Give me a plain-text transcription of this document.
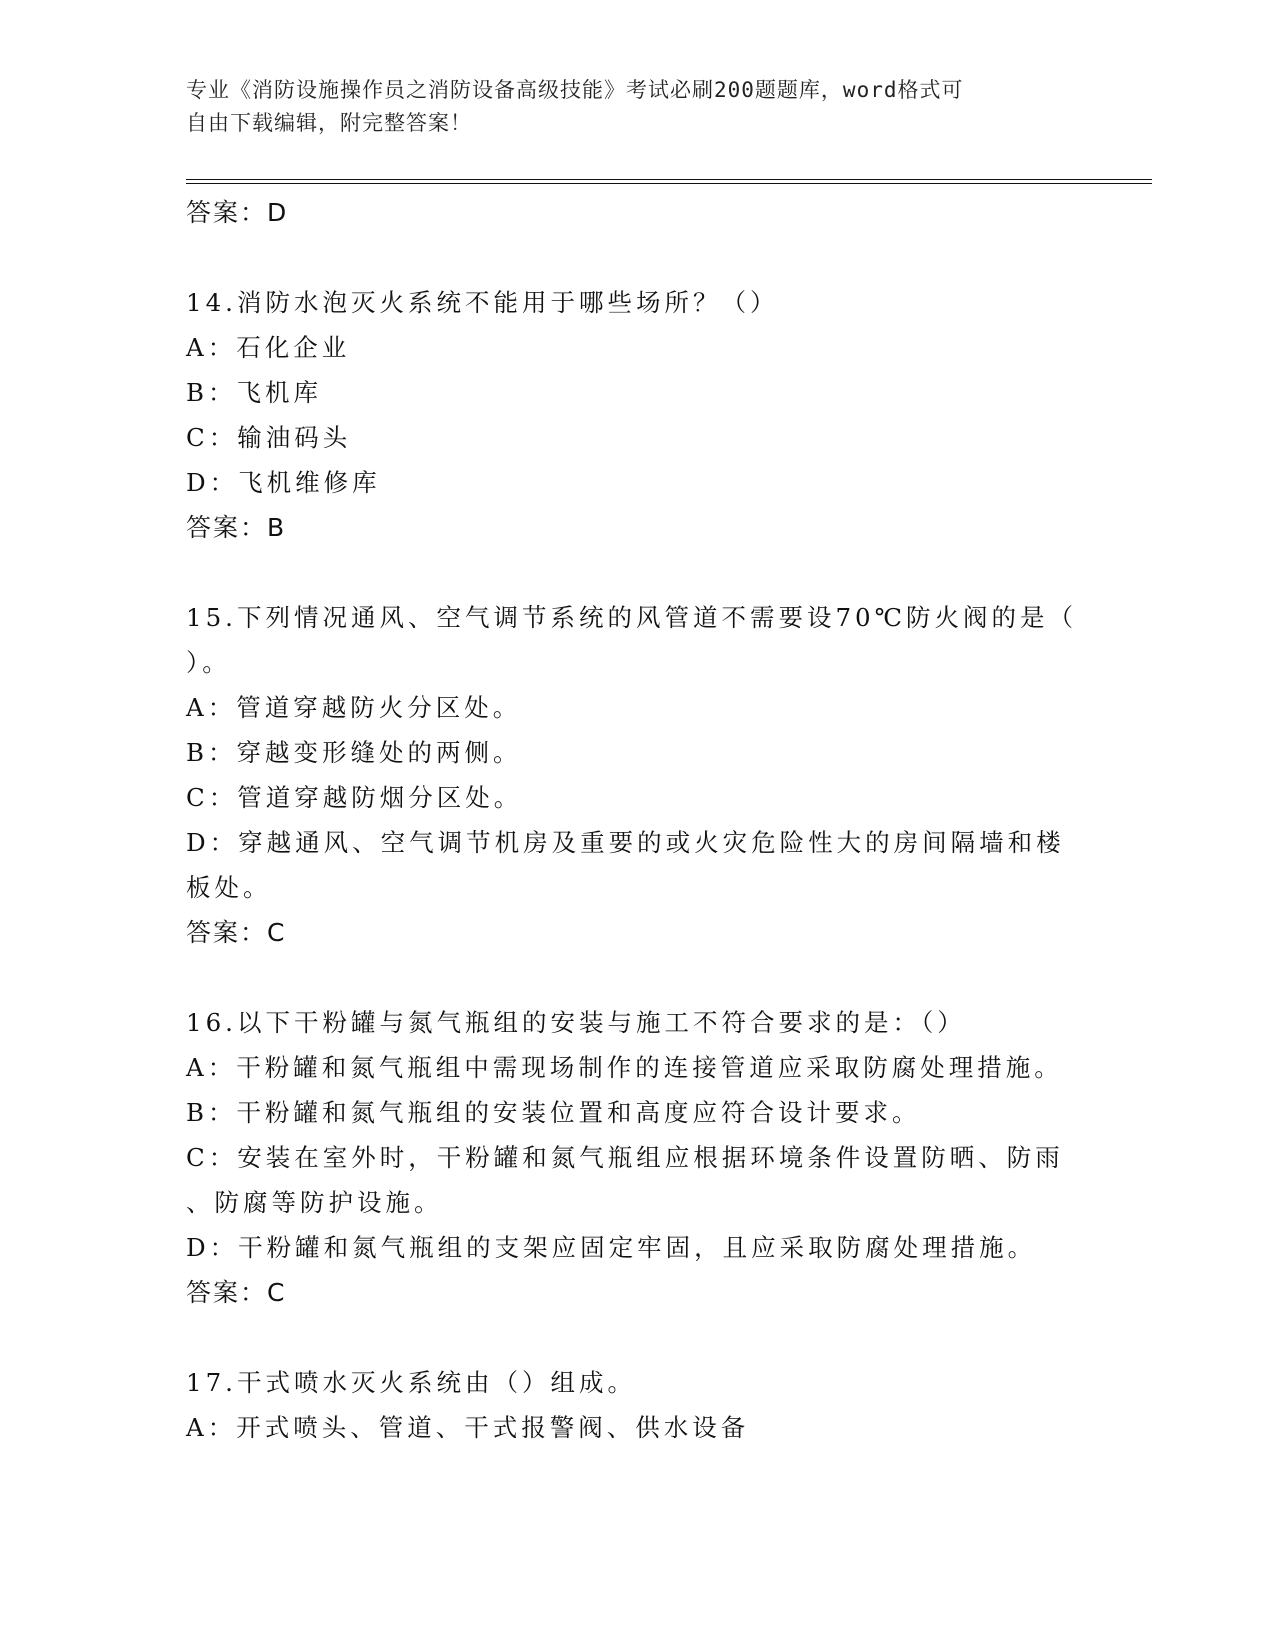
专业《消防设施操作员之消防设备高级技能》考试必刷200题题库，word格式可
自由下载编辑，附完整答案！
答案：D
14.消防水泡灭火系统不能用于哪些场所？（）
A：石化企业
B：飞机库
C：输油码头
D：飞机维修库
答案：B
15.下列情况通风、空气调节系统的风管道不需要设70℃防火阀的是（
）。
A：管道穿越防火分区处。
B：穿越变形缝处的两侧。
C：管道穿越防烟分区处。
D：穿越通风、空气调节机房及重要的或火灾危险性大的房间隔墙和楼
板处。
答案：C
16.以下干粉罐与氮气瓶组的安装与施工不符合要求的是：（）
A：干粉罐和氮气瓶组中需现场制作的连接管道应采取防腐处理措施。
B：干粉罐和氮气瓶组的安装位置和高度应符合设计要求。
C：安装在室外时，干粉罐和氮气瓶组应根据环境条件设置防晒、防雨
、防腐等防护设施。
D：干粉罐和氮气瓶组的支架应固定牢固，且应采取防腐处理措施。
答案：C
17.干式喷水灭火系统由（）组成。
A：开式喷头、管道、干式报警阀、供水设备
